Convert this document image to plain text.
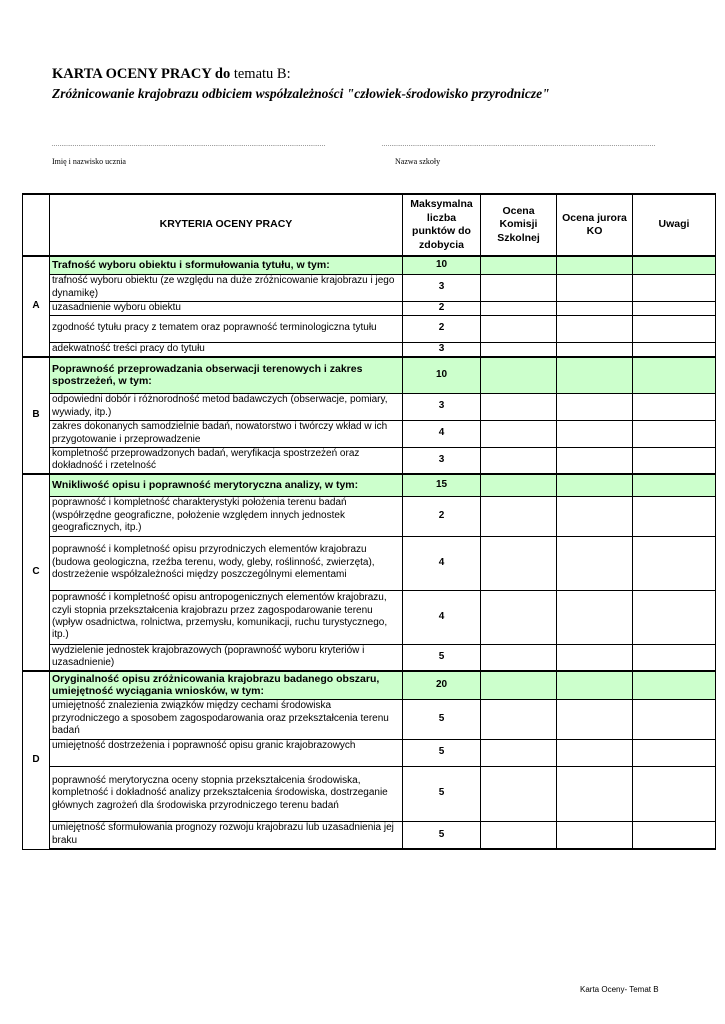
KARTA OCENY PRACY do tematu B:
Zróżnicowanie krajobrazu odbiciem współzależności "człowiek-środowisko przyrodnicze"
................................................................................................................................................	................................................................................................................................................
Imię i nazwisko ucznia	Nazwa szkoły
	KRYTERIA OCENY PRACY	Maksymalna liczba punktów do zdobycia	Ocena Komisji Szkolnej	Ocena jurora KO	Uwagi
A	Trafność wyboru obiektu i sformułowania tytułu, w tym:	10			
	trafność wyboru obiektu (ze względu na duże zróżnicowanie krajobrazu i jego dynamikę)	3			
	uzasadnienie wyboru obiektu	2			
	zgodność tytułu pracy z tematem oraz poprawność terminologiczna tytułu	2			
	adekwatność treści pracy do tytułu	3			
B	Poprawność przeprowadzania obserwacji terenowych i zakres spostrzeżeń, w tym:	10			
	odpowiedni dobór i różnorodność metod badawczych (obserwacje, pomiary, wywiady, itp.)	3			
	zakres dokonanych samodzielnie badań, nowatorstwo i twórczy wkład w ich przygotowanie i przeprowadzenie	4			
	kompletność przeprowadzonych badań, weryfikacja spostrzeżeń oraz dokładność i rzetelność	3			
C	Wnikliwość opisu i poprawność merytoryczna analizy, w tym:	15			
	poprawność i kompletność charakterystyki położenia terenu badań (współrzędne geograficzne, położenie względem innych jednostek geograficznych, itp.)	2			
	poprawność i kompletność opisu przyrodniczych elementów krajobrazu (budowa geologiczna, rzeźba terenu, wody, gleby, roślinność, zwierzęta), dostrzeżenie współzależności między poszczególnymi elementami	4			
	poprawność i kompletność opisu antropogenicznych elementów krajobrazu, czyli stopnia przekształcenia krajobrazu przez zagospodarowanie terenu (wpływ osadnictwa, rolnictwa, przemysłu, komunikacji, ruchu turystycznego, itp.)	4			
	wydzielenie jednostek krajobrazowych (poprawność wyboru kryteriów i uzasadnienie)	5			
D	Oryginalność opisu zróżnicowania krajobrazu badanego obszaru, umiejętność wyciągania wniosków, w tym:	20			
	umiejętność znalezienia związków między cechami środowiska przyrodniczego a sposobem zagospodarowania oraz przekształcenia terenu badań	5			
	umiejętność dostrzeżenia i poprawność opisu granic krajobrazowych	5			
	poprawność merytoryczna oceny stopnia przekształcenia środowiska, kompletność i dokładność analizy przekształcenia środowiska, dostrzeganie głównych zagrożeń dla środowiska przyrodniczego terenu badań	5			
	umiejętność sformułowania prognozy rozwoju krajobrazu lub uzasadnienia jej braku	5			
Karta Oceny- Temat B
